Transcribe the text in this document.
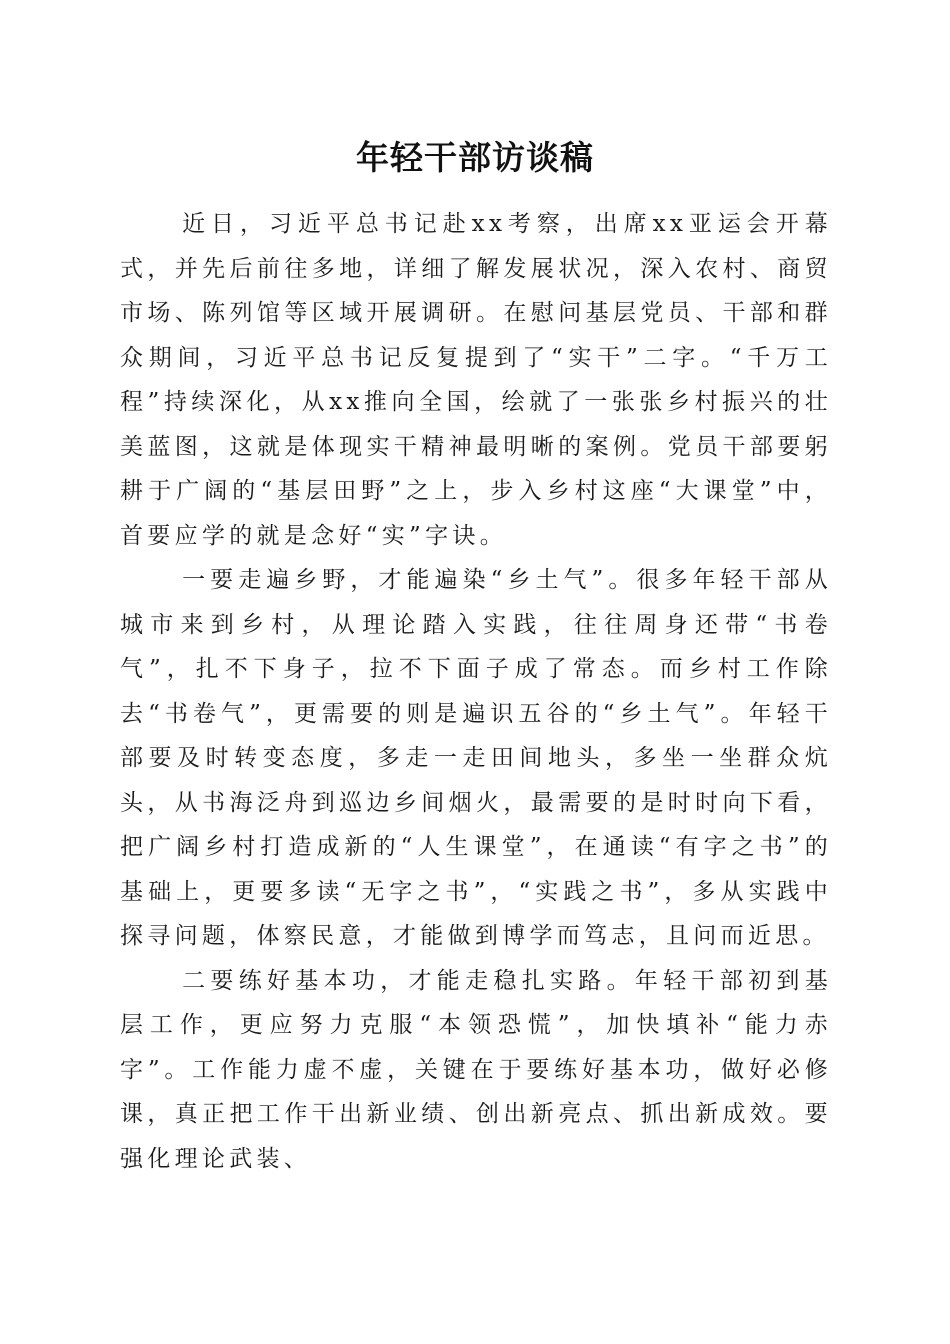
年轻干部访谈稿

近日，习近平总书记赴xx考察，出席xx亚运会开幕式，并先后前往多地，详细了解发展状况，深入农村、商贸市场、陈列馆等区域开展调研。在慰问基层党员、干部和群众期间，习近平总书记反复提到了“实干”二字。“千万工程”持续深化，从xx推向全国，绘就了一张张乡村振兴的壮美蓝图，这就是体现实干精神最明晰的案例。党员干部要躬耕于广阔的“基层田野”之上，步入乡村这座“大课堂”中，首要应学的就是念好“实”字诀。

一要走遍乡野，才能遍染“乡土气”。很多年轻干部从城市来到乡村，从理论踏入实践，往往周身还带“书卷气”，扎不下身子，拉不下面子成了常态。而乡村工作除去“书卷气”，更需要的则是遍识五谷的“乡土气”。年轻干部要及时转变态度，多走一走田间地头，多坐一坐群众炕头，从书海泛舟到巡边乡间烟火，最需要的是时时向下看，把广阔乡村打造成新的“人生课堂”，在通读“有字之书”的基础上，更要多读“无字之书”，“实践之书”，多从实践中探寻问题，体察民意，才能做到博学而笃志，且问而近思。

二要练好基本功，才能走稳扎实路。年轻干部初到基层工作，更应努力克服“本领恐慌”，加快填补“能力赤字”。工作能力虚不虚，关键在于要练好基本功，做好必修课，真正把工作干出新业绩、创出新亮点、抓出新成效。要强化理论武装、
